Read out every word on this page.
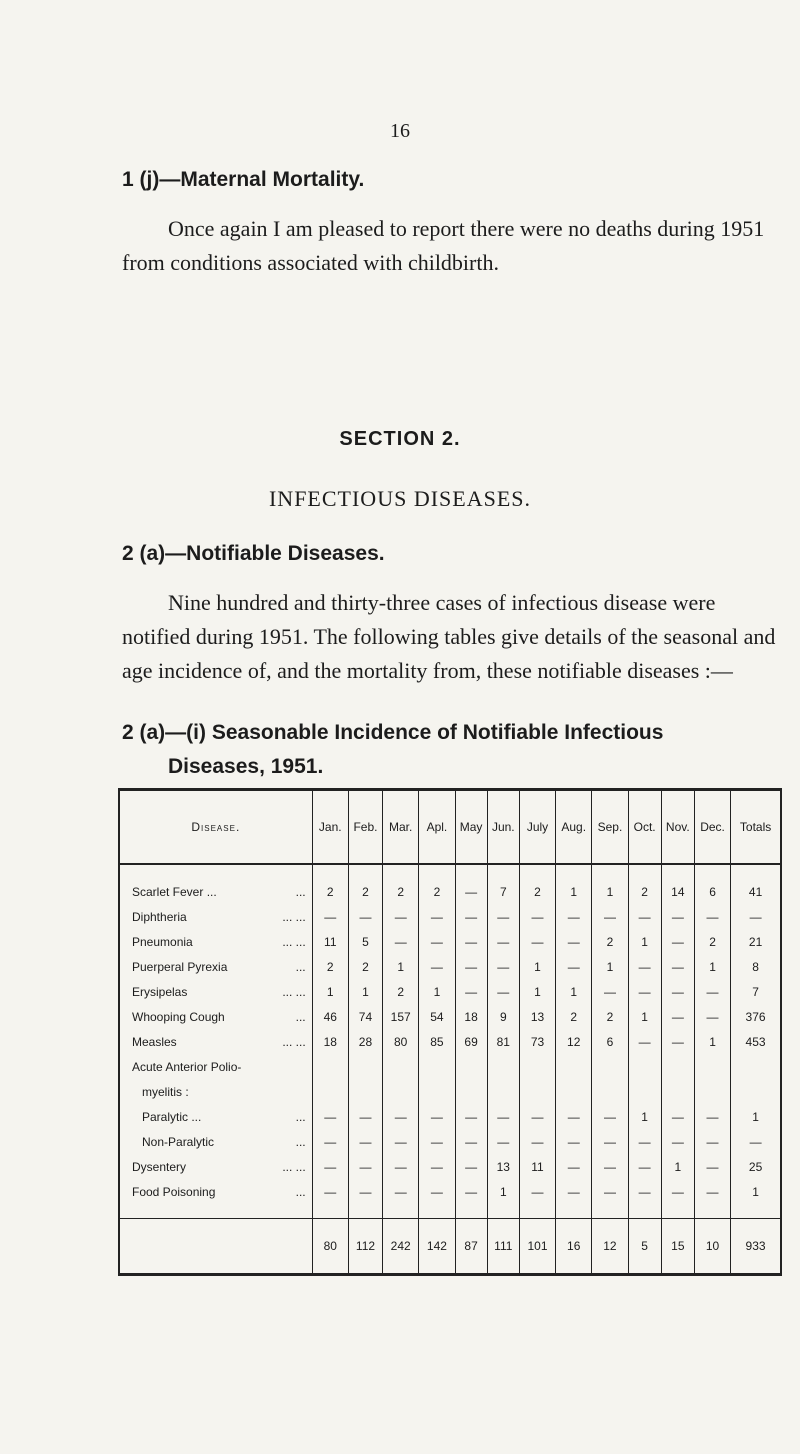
16
1 (j)—Maternal Mortality.
Once again I am pleased to report there were no deaths during 1951 from conditions associated with childbirth.
SECTION 2.
INFECTIOUS DISEASES.
2 (a)—Notifiable Diseases.
Nine hundred and thirty-three cases of infectious disease were notified during 1951. The following tables give details of the seasonal and age incidence of, and the mortality from, these notifiable diseases :—
2 (a)—(i) Seasonable Incidence of Notifiable Infectious
Diseases, 1951.
Disease.	Jan.	Feb.	Mar.	Apl.	May	Jun.	July	Aug.	Sep.	Oct.	Nov.	Dec.	Totals
Scarlet Fever ... ...	2	2	2	2	—	7	2	1	1	2	14	6	41
Diphtheria ... ...	—	—	—	—	—	—	—	—	—	—	—	—	—
Pneumonia ... ...	11	5	—	—	—	—	—	—	2	1	—	2	21
Puerperal Pyrexia ...	2	2	1	—	—	—	1	—	1	—	—	1	8
Erysipelas ... ...	1	1	2	1	—	—	1	1	—	—	—	—	7
Whooping Cough ...	46	74	157	54	18	9	13	2	2	1	—	—	376
Measles ... ...	18	28	80	85	69	81	73	12	6	—	—	1	453
Acute Anterior Polio-													
myelitis :													
Paralytic ... ...	—	—	—	—	—	—	—	—	—	1	—	—	1
Non-Paralytic ...	—	—	—	—	—	—	—	—	—	—	—	—	—
Dysentery ... ...	—	—	—	—	—	13	11	—	—	—	1	—	25
Food Poisoning ...	—	—	—	—	—	1	—	—	—	—	—	—	1

	80	112	242	142	87	111	101	16	12	5	15	10	933
